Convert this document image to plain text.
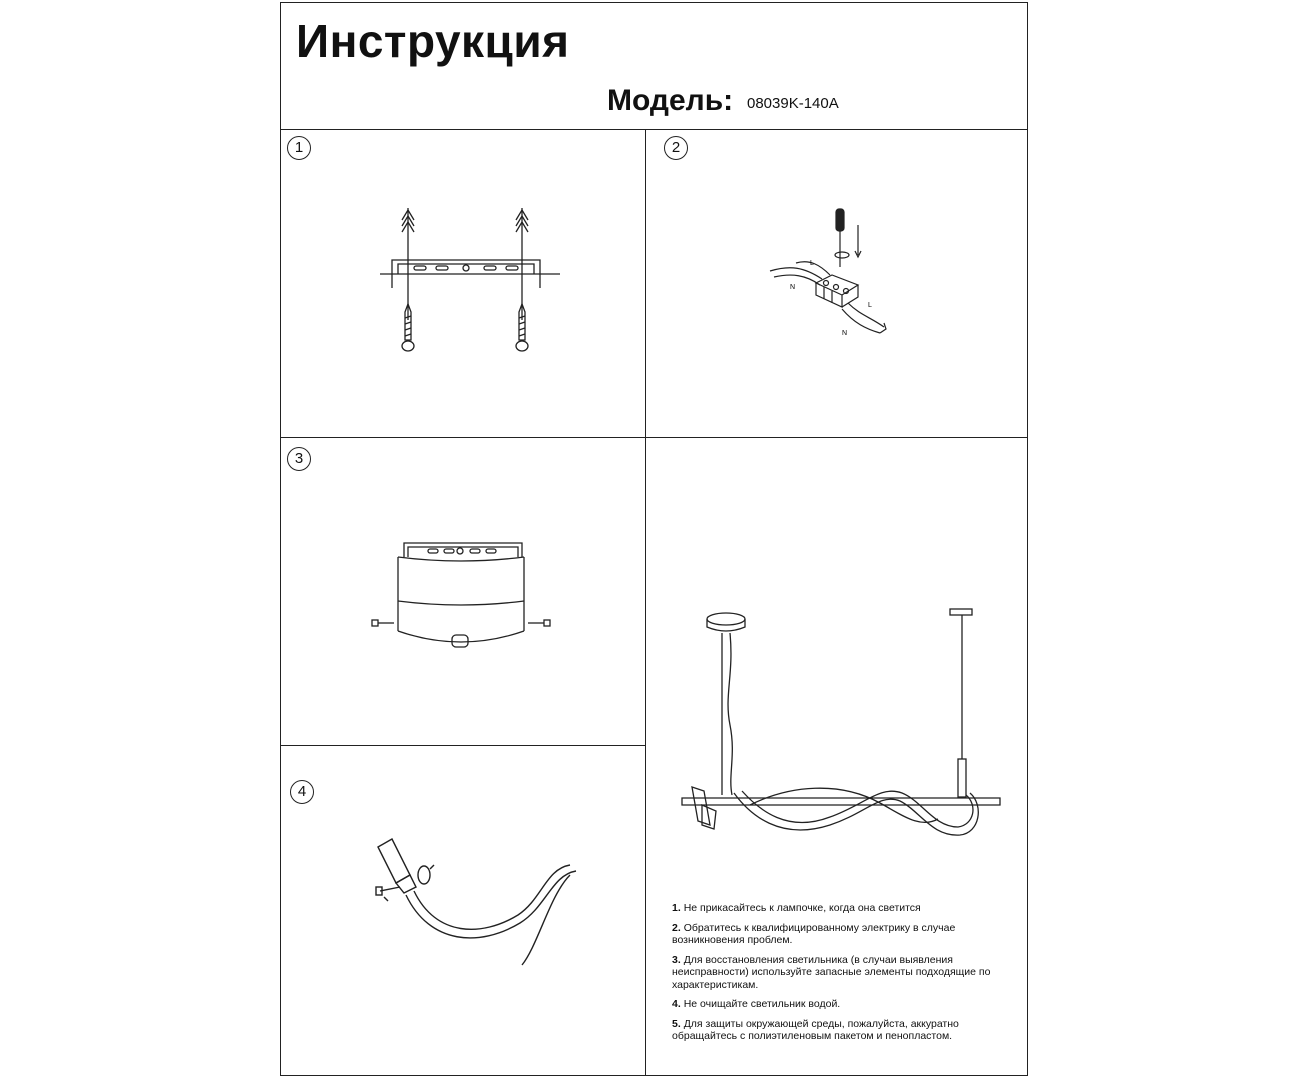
Инструкция
Модель: 08039K-140A
1	2
3
4
L
N
L
N
1. Не прикасайтесь к лампочке, когда она светится
2. Обратитесь к квалифицированному электрику в случае возникновения проблем.
3. Для восстановления светильника (в случаи выявления неисправности) используйте запасные элементы подходящие по характеристикам.
4. Не очищайте светильник водой.
5. Для защиты окружающей среды, пожалуйста, аккуратно обращайтесь с полиэтиленовым пакетом и пенопластом.
